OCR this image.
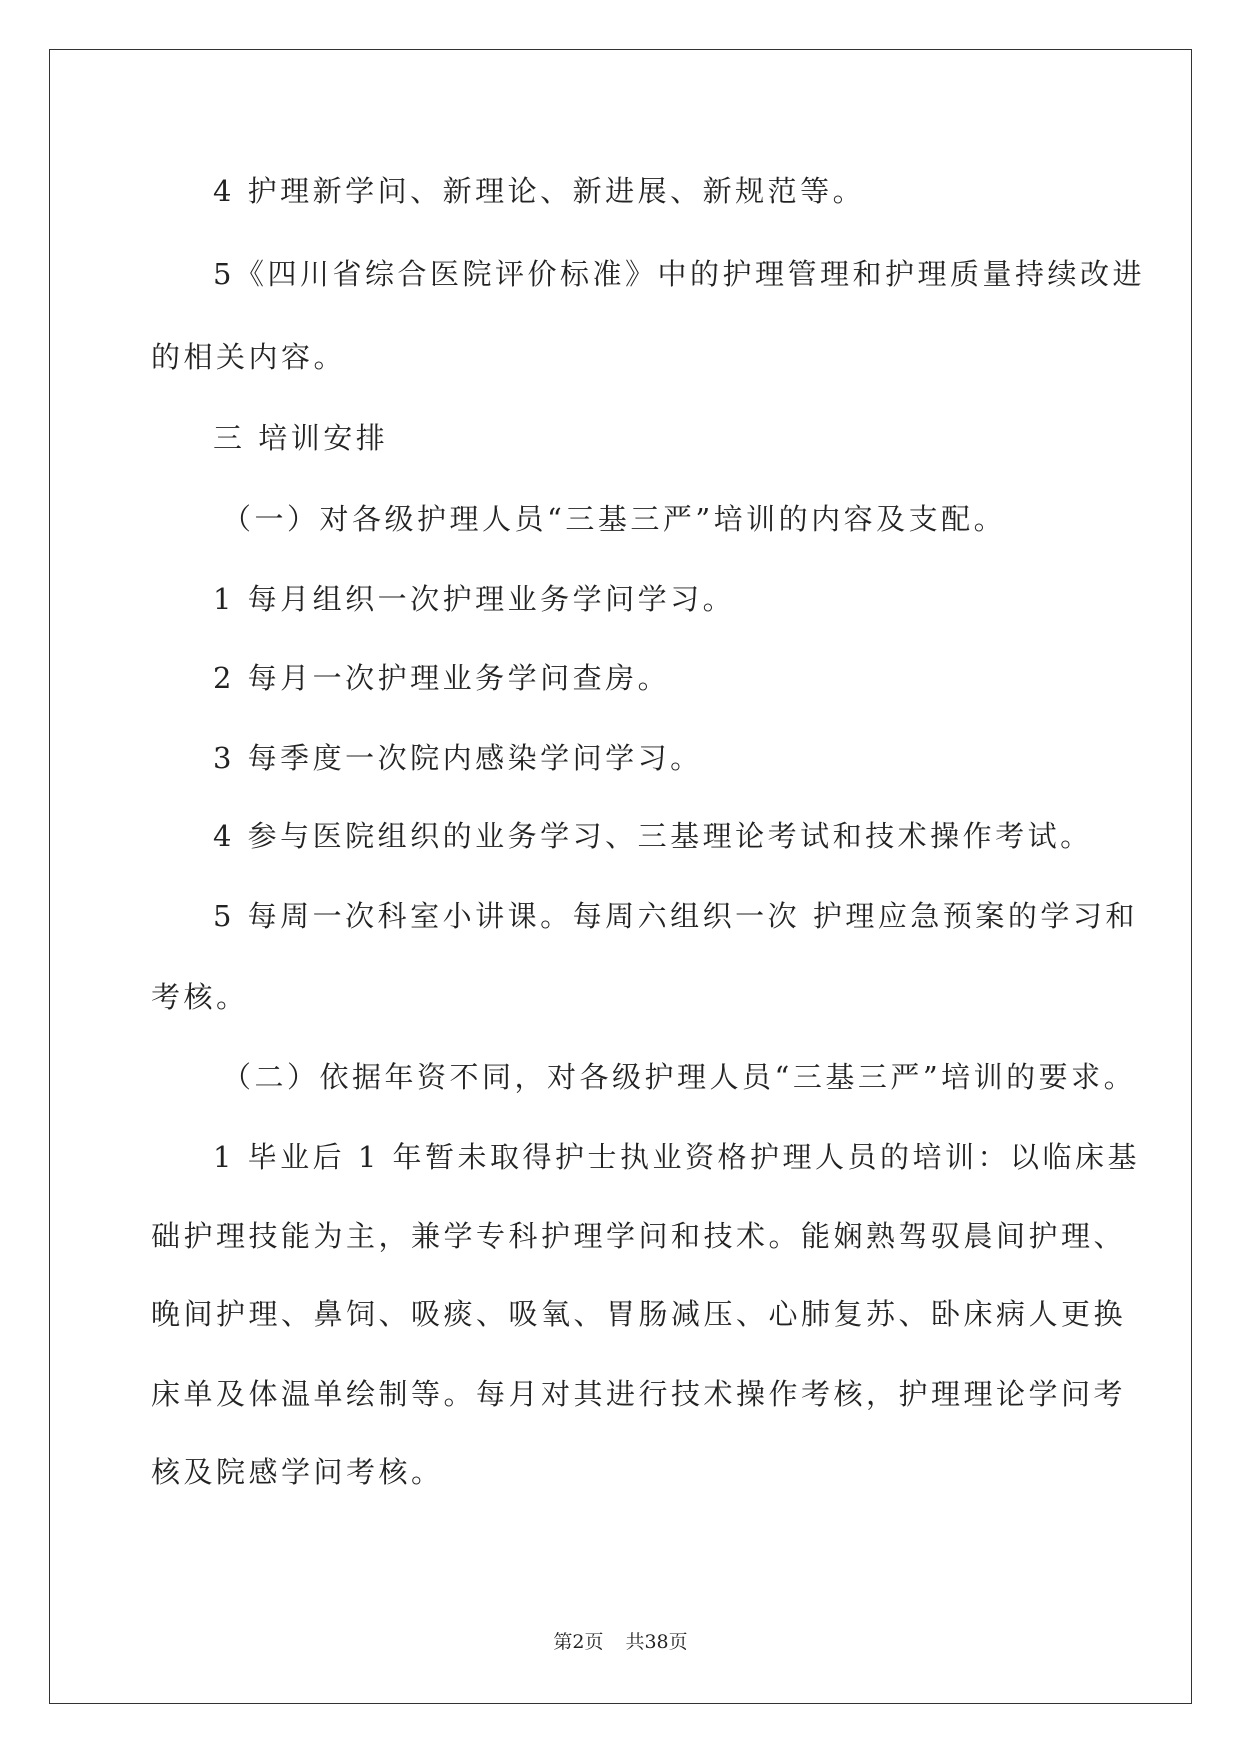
4 护理新学问、新理论、新进展、新规范等。
5《四川省综合医院评价标准》中的护理管理和护理质量持续改进
的相关内容。
三 培训安排
（一）对各级护理人员“三基三严”培训的内容及支配。
1 每月组织一次护理业务学问学习。
2 每月一次护理业务学问查房。
3 每季度一次院内感染学问学习。
4 参与医院组织的业务学习、三基理论考试和技术操作考试。
5 每周一次科室小讲课。每周六组织一次 护理应急预案的学习和
考核。
（二）依据年资不同，对各级护理人员“三基三严”培训的要求。
1 毕业后 1 年暂未取得护士执业资格护理人员的培训：以临床基
础护理技能为主，兼学专科护理学问和技术。能娴熟驾驭晨间护理、
晚间护理、鼻饲、吸痰、吸氧、胃肠减压、心肺复苏、卧床病人更换
床单及体温单绘制等。每月对其进行技术操作考核，护理理论学问考
核及院感学问考核。
第2页 共38页
